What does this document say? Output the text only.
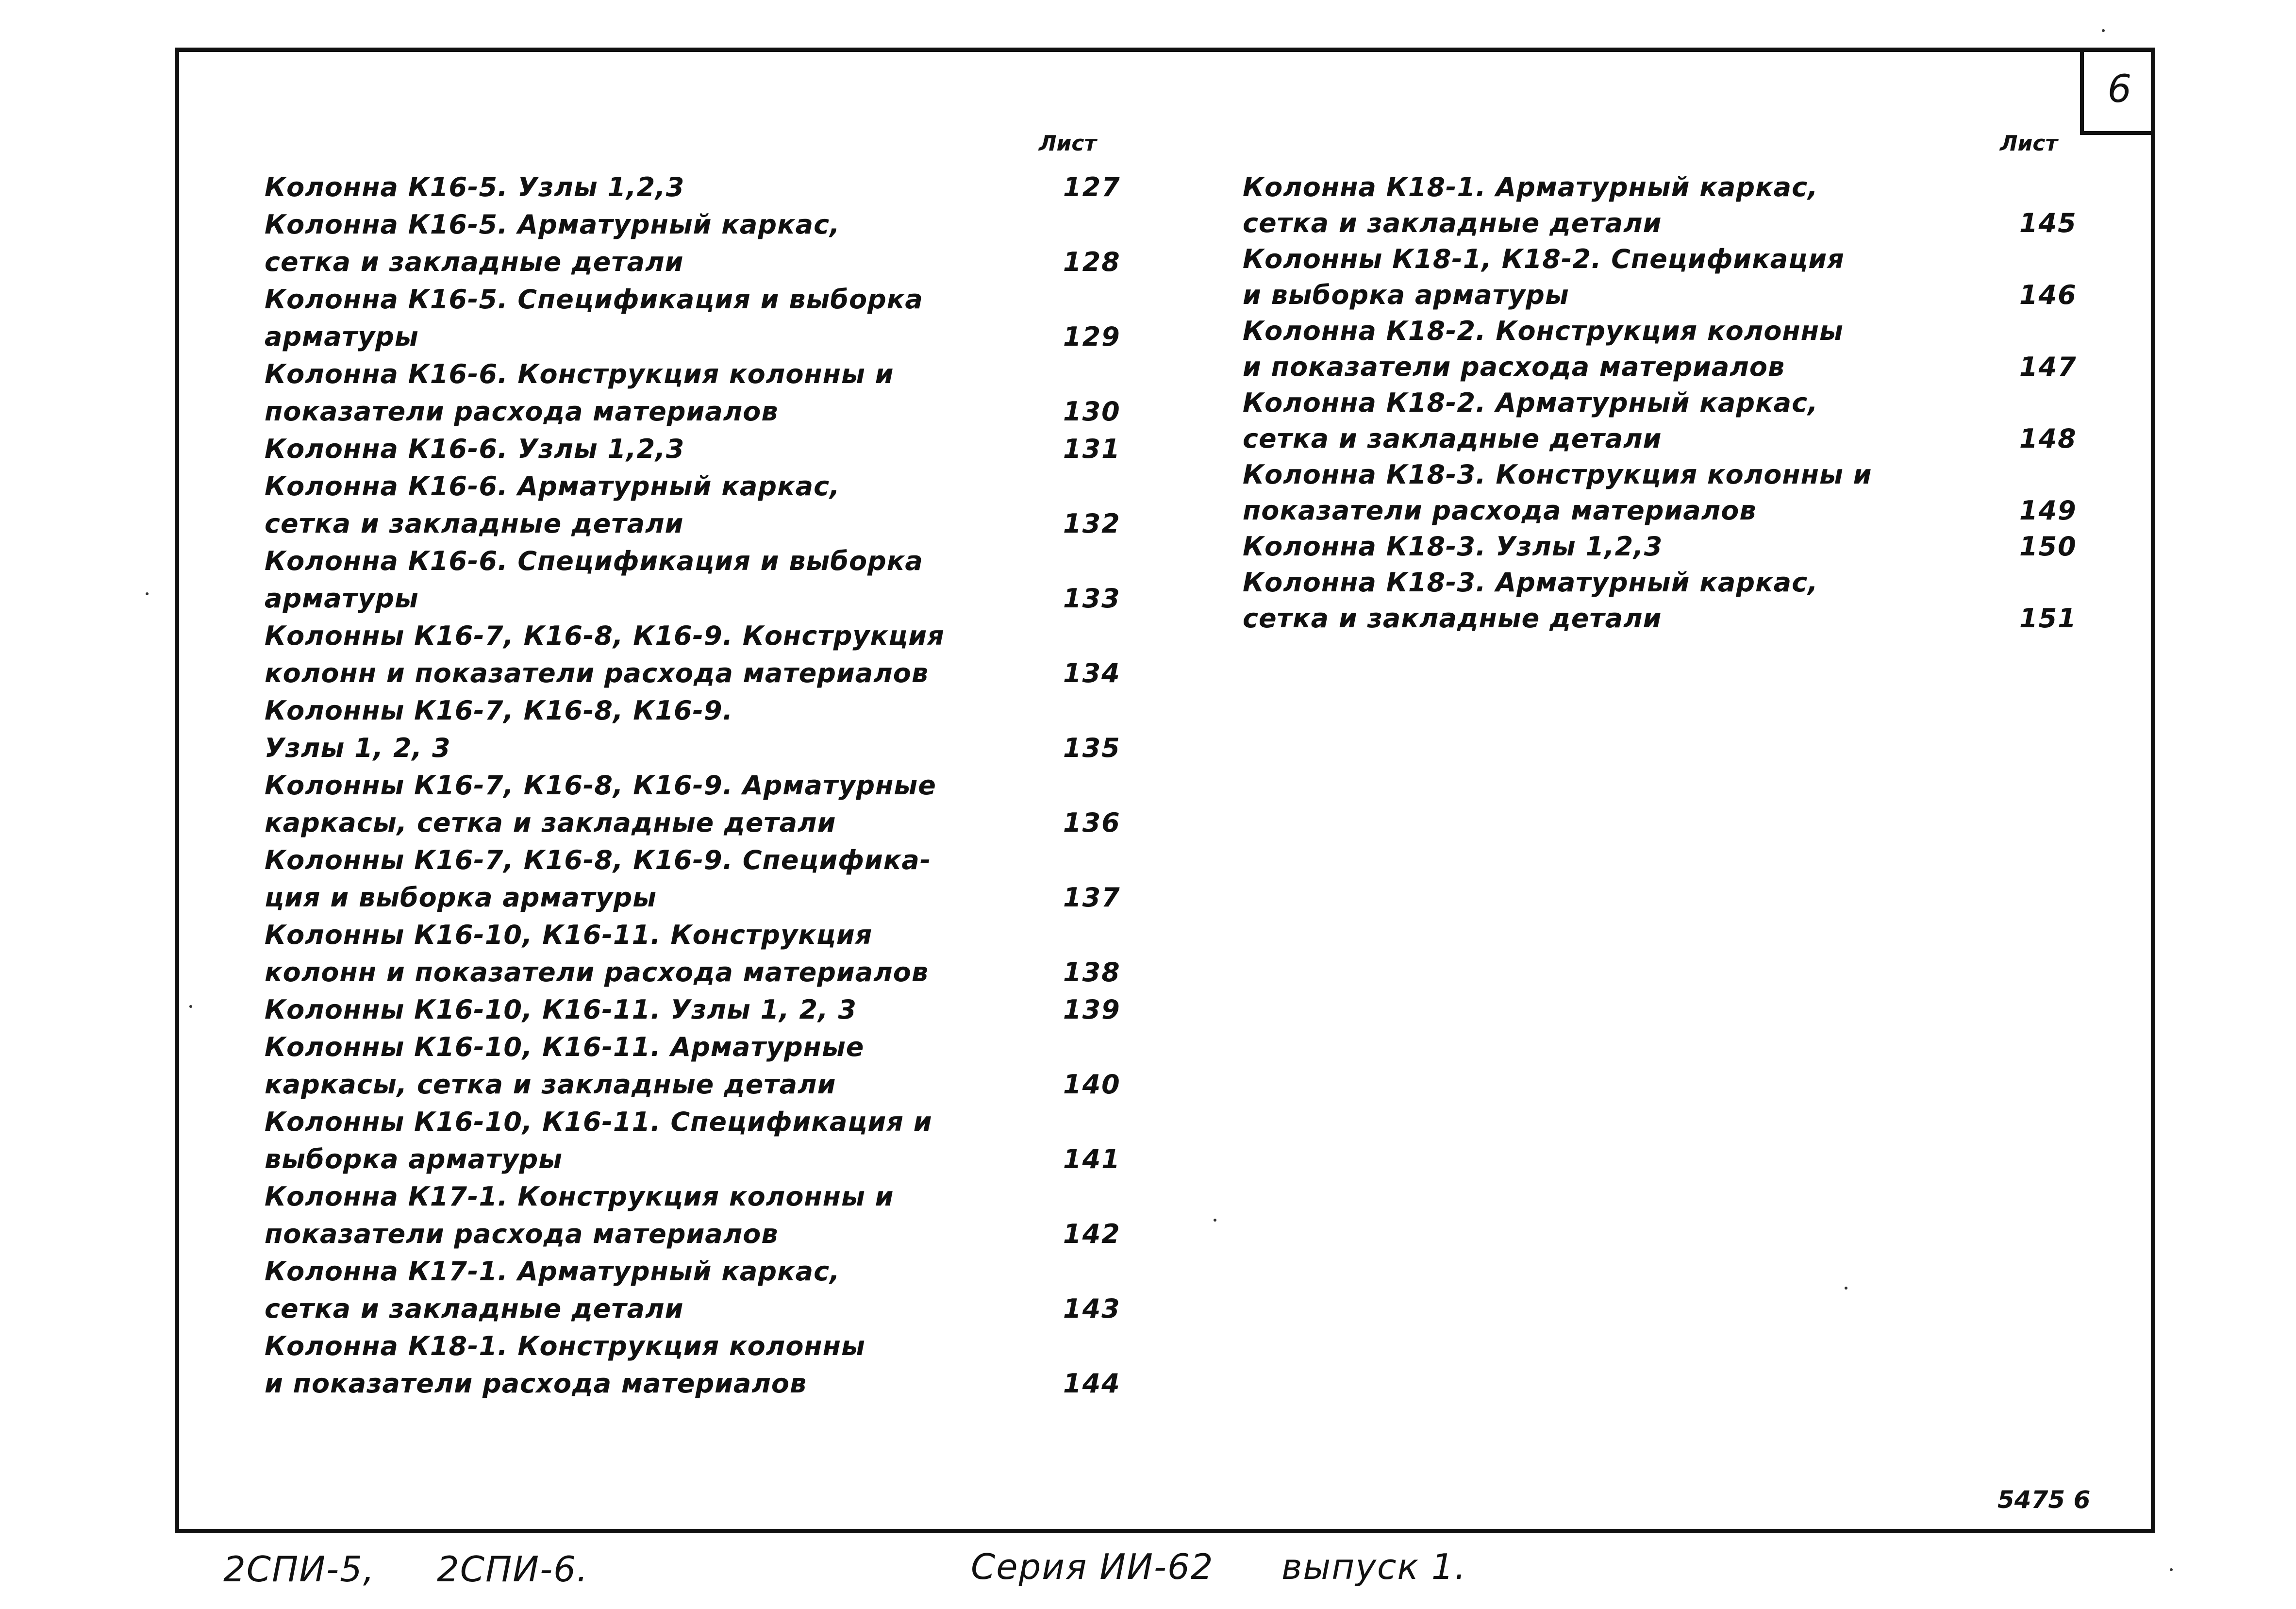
6
Лист	Лист
Колонна К16-5. Узлы 1,2,3	127
Колонна К16-5. Арматурный каркас,
сетка и закладные детали	128
Колонна К16-5. Спецификация и выборка
арматуры	129
Колонна К16-6. Конструкция колонны и
показатели расхода материалов	130
Колонна К16-6. Узлы 1,2,3	131
Колонна К16-6. Арматурный каркас,
сетка и закладные детали	132
Колонна К16-6. Спецификация и выборка
арматуры	133
Колонны К16-7, К16-8, К16-9. Конструкция
колонн и показатели расхода материалов	134
Колонны К16-7, К16-8, К16-9.
Узлы 1, 2, 3	135
Колонны К16-7, К16-8, К16-9. Арматурные
каркасы, сетка и закладные детали	136
Колонны К16-7, К16-8, К16-9. Специфика-
ция и выборка арматуры	137
Колонны К16-10, К16-11. Конструкция
колонн и показатели расхода материалов	138
Колонны К16-10, К16-11. Узлы 1, 2, 3	139
Колонны К16-10, К16-11. Арматурные
каркасы, сетка и закладные детали	140
Колонны К16-10, К16-11. Спецификация и
выборка арматуры	141
Колонна К17-1. Конструкция колонны и
показатели расхода материалов	142
Колонна К17-1. Арматурный каркас,
сетка и закладные детали	143
Колонна К18-1. Конструкция колонны
и показатели расхода материалов	144
Колонна К18-1. Арматурный каркас,
сетка и закладные детали	145
Колонны К18-1, К18-2. Спецификация
и выборка арматуры	146
Колонна К18-2. Конструкция колонны
и показатели расхода материалов	147
Колонна К18-2. Арматурный каркас,
сетка и закладные детали	148
Колонна К18-3. Конструкция колонны и
показатели расхода материалов	149
Колонна К18-3. Узлы 1,2,3	150
Колонна К18-3. Арматурный каркас,
сетка и закладные детали	151
5475 6
2СПИ-5, 2СПИ-6.	Серия ИИ-62 выпуск 1.
